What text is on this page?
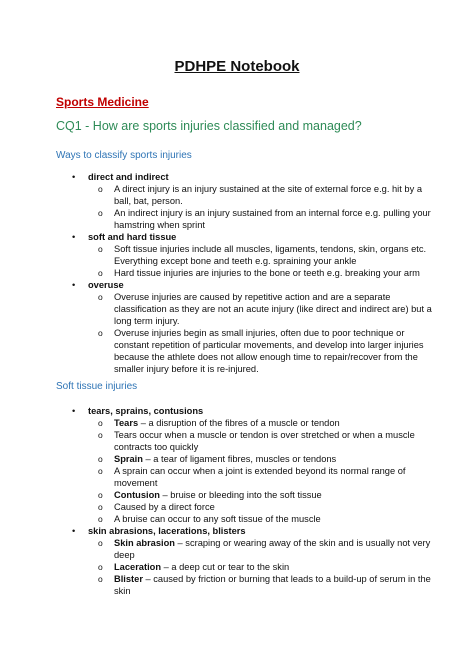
PDHPE Notebook
Sports Medicine
CQ1 - How are sports injuries classified and managed?
Ways to classify sports injuries
• direct and indirect
o A direct injury is an injury sustained at the site of external force e.g. hit by a ball, bat, person.
o An indirect injury is an injury sustained from an internal force e.g. pulling your hamstring when sprint
• soft and hard tissue
o Soft tissue injuries include all muscles, ligaments, tendons, skin, organs etc. Everything except bone and teeth e.g. spraining your ankle
o Hard tissue injuries are injuries to the bone or teeth e.g. breaking your arm
• overuse
o Overuse injuries are caused by repetitive action and are a separate classification as they are not an acute injury (like direct and indirect are) but a long term injury.
o Overuse injuries begin as small injuries, often due to poor technique or constant repetition of particular movements, and develop into larger injuries because the athlete does not allow enough time to repair/recover from the smaller injury before it is re-injured.
Soft tissue injuries
• tears, sprains, contusions
o Tears – a disruption of the fibres of a muscle or tendon
o Tears occur when a muscle or tendon is over stretched or when a muscle contracts too quickly
o Sprain – a tear of ligament fibres, muscles or tendons
o A sprain can occur when a joint is extended beyond its normal range of movement
o Contusion – bruise or bleeding into the soft tissue
o Caused by a direct force
o A bruise can occur to any soft tissue of the muscle
• skin abrasions, lacerations, blisters
o Skin abrasion – scraping or wearing away of the skin and is usually not very deep
o Laceration – a deep cut or tear to the skin
o Blister – caused by friction or burning that leads to a build-up of serum in the skin
